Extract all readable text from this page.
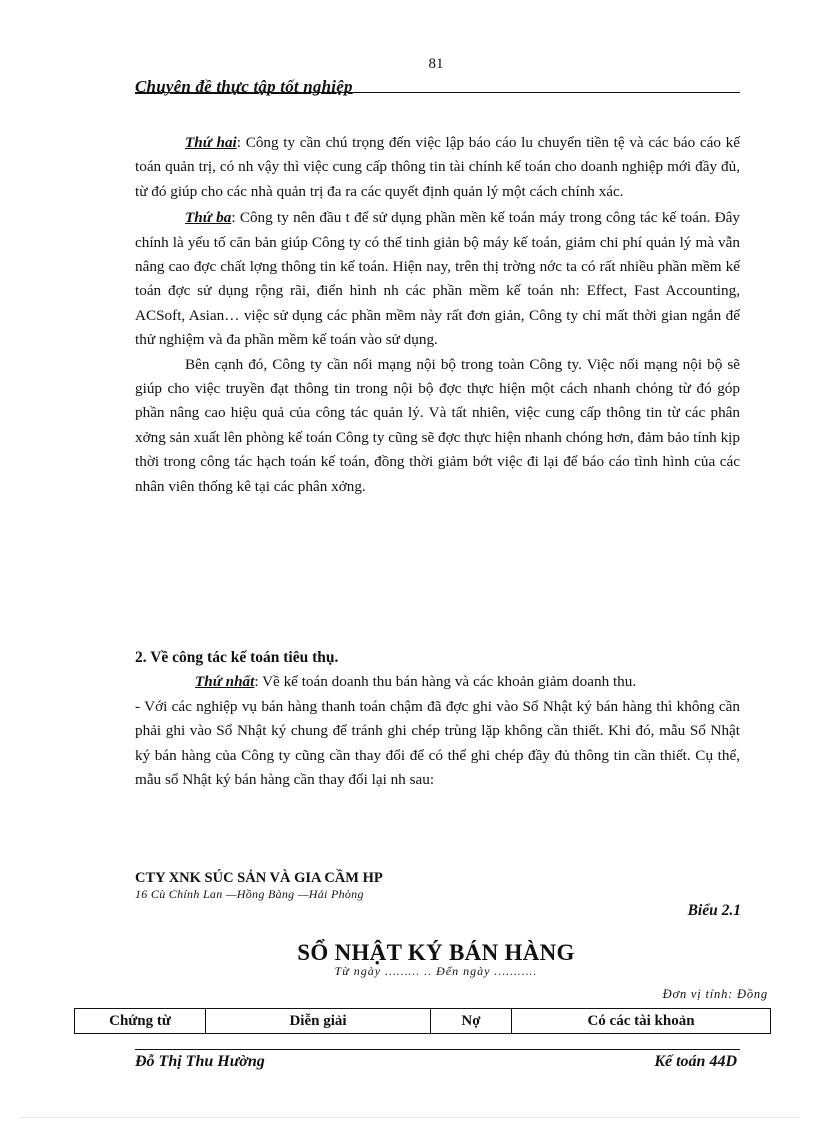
81
Chuyên đề thực tập tốt nghiệp

Thứ hai: Công ty cần chú trọng đến việc lập báo cáo lu chuyển tiền tệ và các báo cáo kế toán quản trị, có nh vậy thì việc cung cấp thông tin tài chính kế toán cho doanh nghiệp mới đầy đủ, từ đó giúp cho các nhà quản trị đa ra các quyết định quản lý một cách chính xác.

Thứ ba: Công ty nên đầu t để sử dụng phần mền kế toán máy trong công tác kế toán. Đây chính là yếu tố căn bản giúp Công ty có thể tinh giản bộ máy kế toán, giảm chi phí quản lý mà vẫn nâng cao đợc chất lợng thông tin kế toán. Hiện nay, trên thị trờng nớc ta có rất nhiều phần mềm kế toán đợc sử dụng rộng rãi, điển hình nh các phần mềm kế toán nh: Effect, Fast Accounting, ACSoft, Asian… việc sử dụng các phần mềm này rất đơn giản, Công ty chỉ mất thời gian ngắn để thử nghiệm và đa phần mềm kế toán vào sử dụng.

Bên cạnh đó, Công ty cần nối mạng nội bộ trong toàn Công ty. Việc nối mạng nội bộ sẽ giúp cho việc truyền đạt thông tin trong nội bộ đợc thực hiện một cách nhanh chóng từ đó góp phần nâng cao hiệu quả của công tác quản lý. Và tất nhiên, việc cung cấp thông tin từ các phân xởng sản xuất lên phòng kế toán Công ty cũng sẽ đợc thực hiện nhanh chóng hơn, đảm bảo tính kịp thời trong công tác hạch toán kế toán, đồng thời giảm bớt việc đi lại để báo cáo tình hình của các nhân viên thống kê tại các phân xởng.

2. Về công tác kế toán tiêu thụ.

Thứ nhất: Về kế toán doanh thu bán hàng và các khoản giảm doanh thu.

- Với các nghiệp vụ bán hàng thanh toán chậm đã đợc ghi vào Sổ Nhật ký bán hàng thì không cần phải ghi vào Sổ Nhật ký chung để tránh ghi chép trùng lặp không cần thiết. Khi đó, mẫu Sổ Nhật ký bán hàng của Công ty cũng cần thay đổi để có thể ghi chép đầy đủ thông tin cần thiết. Cụ thể, mẫu sổ Nhật ký bán hàng cần thay đổi lại nh sau:

CTY XNK SÚC SẢN VÀ GIA CẦM HP
16 Cù Chính Lan —Hồng Bàng —Hải Phòng
Biểu 2.1
SỔ NHẬT KÝ BÁN HÀNG
Từ ngày ……… .. Đến ngày ………..
Đơn vị tính: Đồng
Chứng từ	Diễn giải	Nợ	Có các tài khoản
Đỗ Thị Thu Hường	Kế toán 44D
